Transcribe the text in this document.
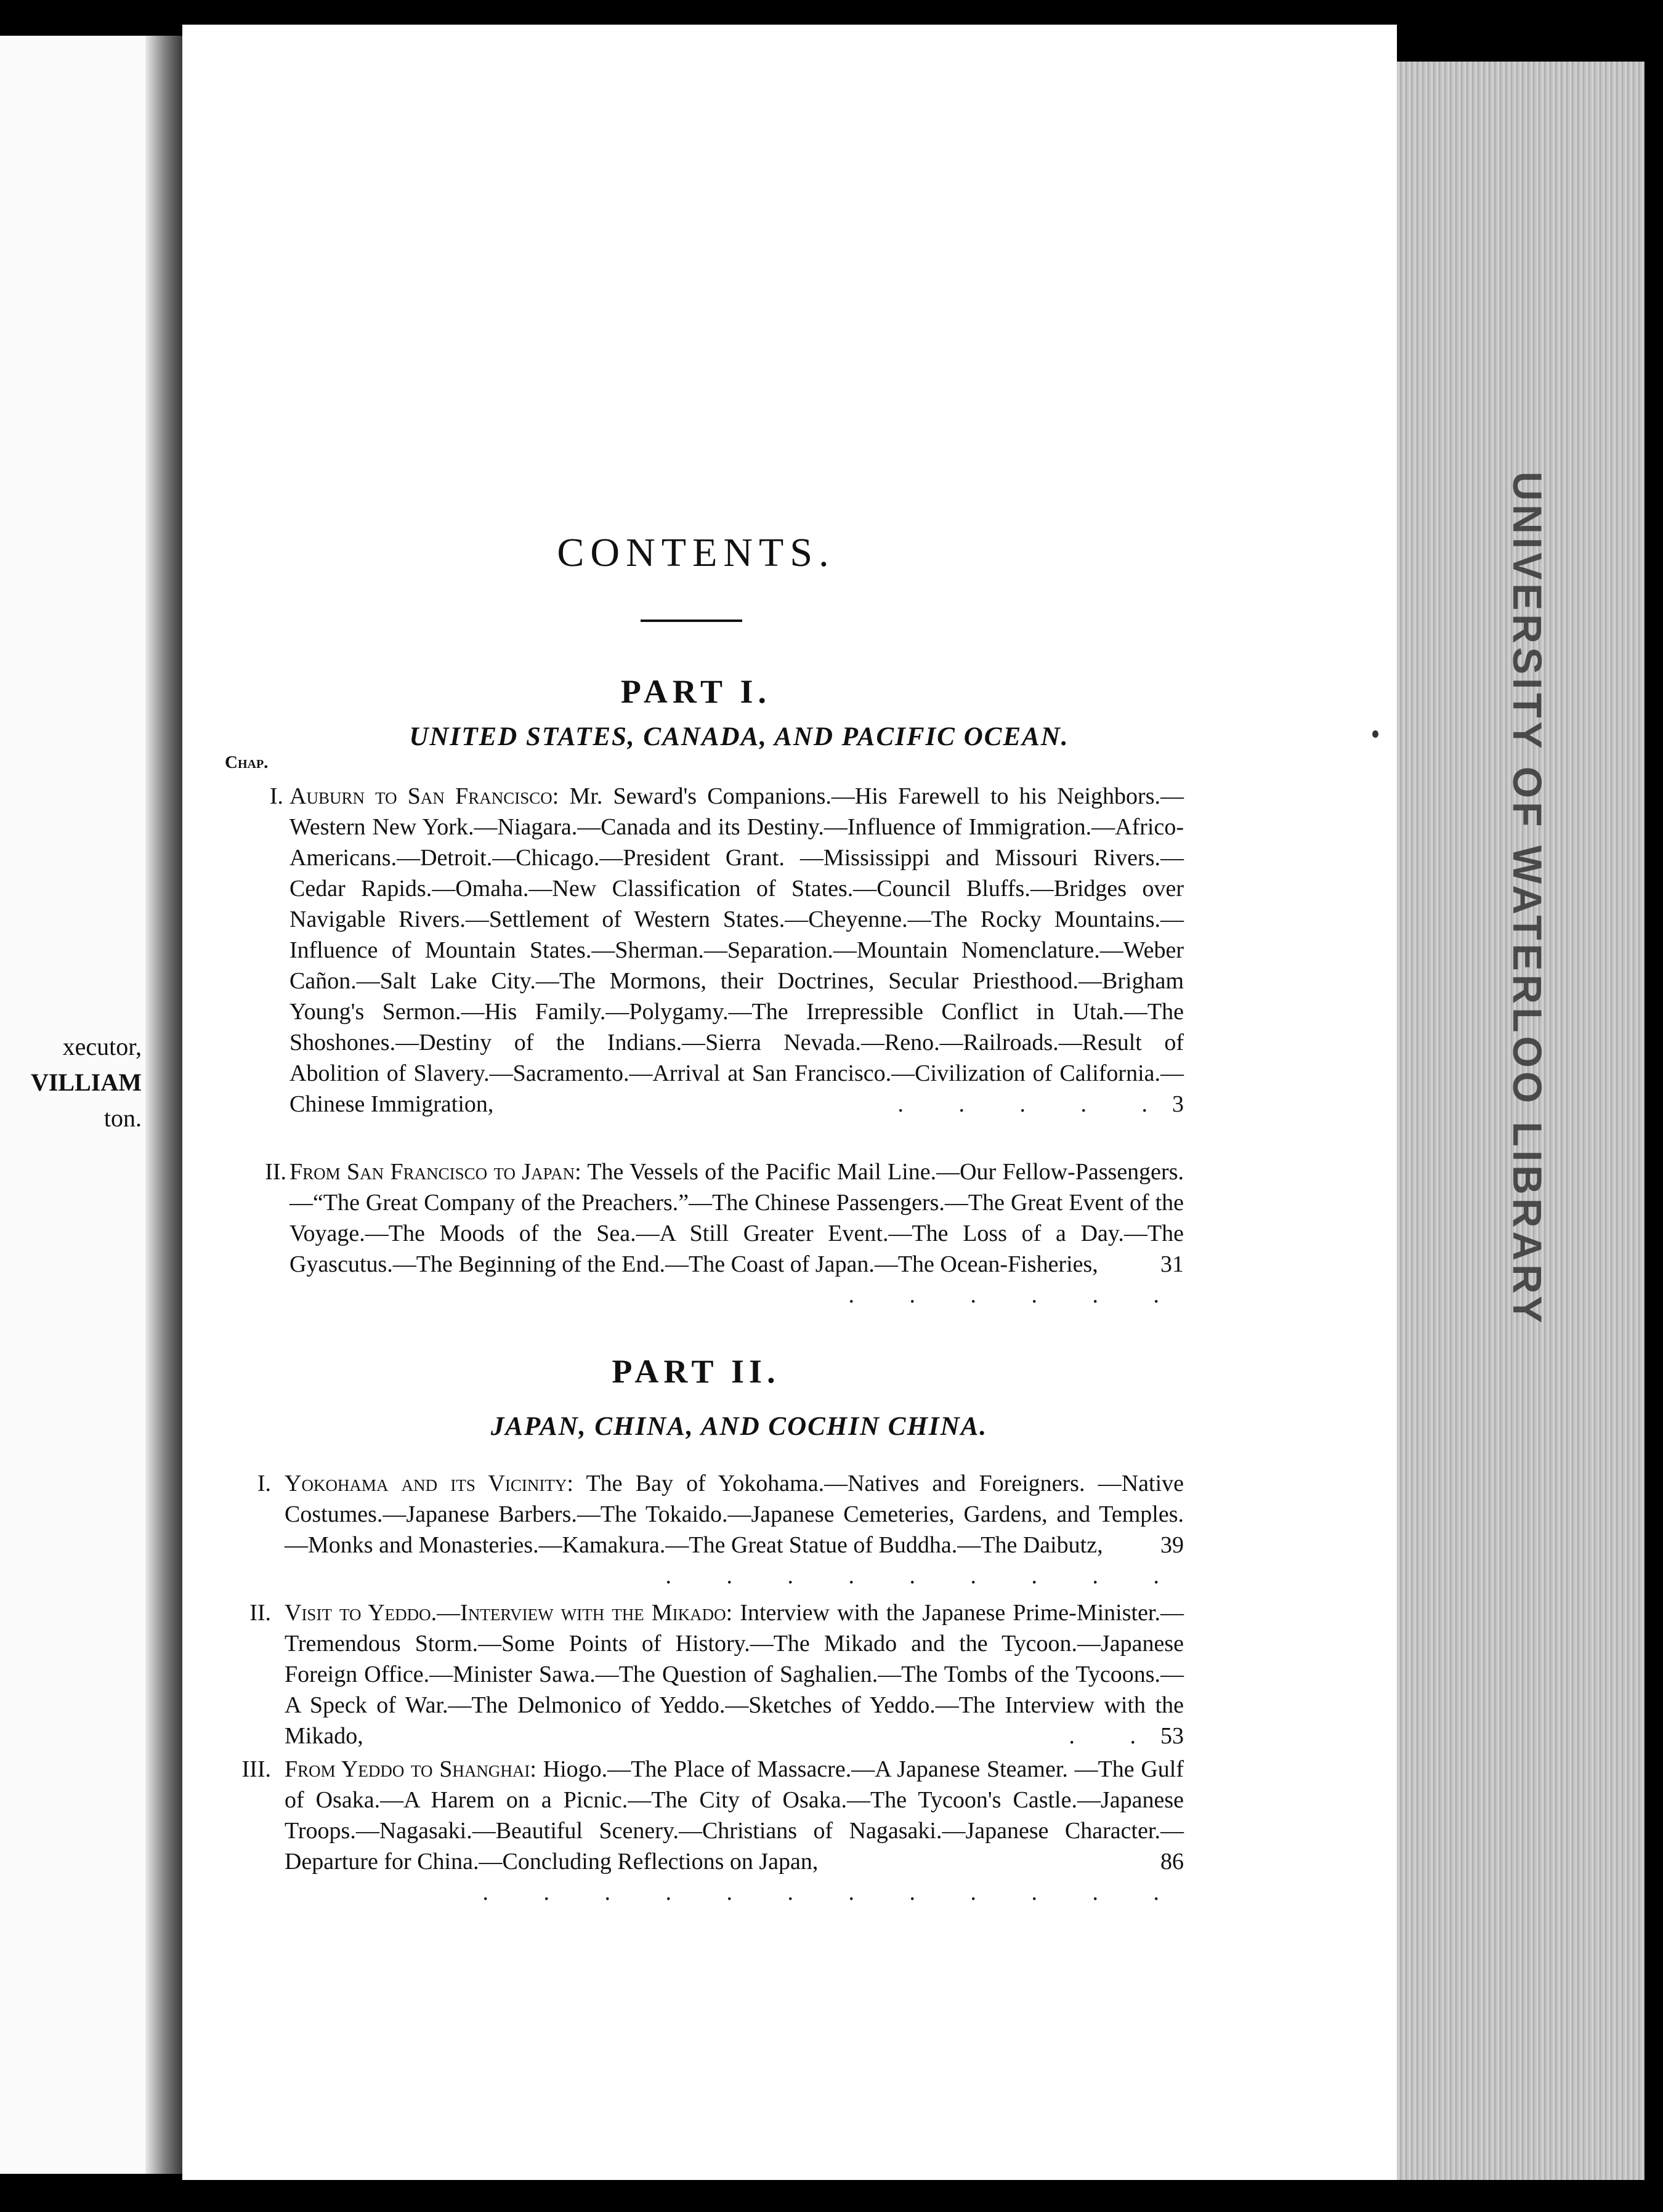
xecutor,
VILLIAM
ton.	UNIVERSITY OF WATERLOO LIBRARY
CONTENTS.
PART I.
UNITED STATES, CANADA, AND PACIFIC OCEAN.
Chap.
I. Auburn to San Francisco: Mr. Seward's Companions.—His Farewell to his Neighbors.—Western New York.—Niagara.—Canada and its Destiny.—Influence of Immigration.—Africo-Americans.—Detroit.—Chicago.—President Grant. —Mississippi and Missouri Rivers.—Cedar Rapids.—Omaha.—New Classification of States.—Council Bluffs.—Bridges over Navigable Rivers.—Settlement of Western States.—Cheyenne.—The Rocky Mountains.—Influence of Mountain States.—Sherman.—Separation.—Mountain Nomenclature.—Weber Cañon.—Salt Lake City.—The Mormons, their Doctrines, Secular Priesthood.—Brigham Young's Sermon.—His Family.—Polygamy.—The Irrepressible Conflict in Utah.—The Shoshones.—Destiny of the Indians.—Sierra Nevada.—Reno.—Railroads.—Result of Abolition of Slavery.—Sacramento.—Arrival at San Francisco.—Civilization of California.—Chinese Immigration,	3
. . . . .
II. From San Francisco to Japan: The Vessels of the Pacific Mail Line.—Our Fellow-Passengers.—“The Great Company of the Preachers.”—The Chinese Passengers.—The Great Event of the Voyage.—The Moods of the Sea.—A Still Greater Event.—The Loss of a Day.—The Gyascutus.—The Beginning of the End.—The Coast of Japan.—The Ocean-Fisheries,	31
. . . . . .
PART II.
JAPAN, CHINA, AND COCHIN CHINA.
I. Yokohama and its Vicinity: The Bay of Yokohama.—Natives and Foreigners. —Native Costumes.—Japanese Barbers.—The Tokaido.—Japanese Cemeteries, Gardens, and Temples.—Monks and Monasteries.—Kamakura.—The Great Statue of Buddha.—The Daibutz, 39
. . . . . . . . .
II. Visit to Yeddo.—Interview with the Mikado: Interview with the Japanese Prime-Minister.—Tremendous Storm.—Some Points of History.—The Mikado and the Tycoon.—Japanese Foreign Office.—Minister Sawa.—The Question of Saghalien.—The Tombs of the Tycoons.—A Speck of War.—The Delmonico of Yeddo.—Sketches of Yeddo.—The Interview with the Mikado,	53
. .
III. From Yeddo to Shanghai: Hiogo.—The Place of Massacre.—A Japanese Steamer. —The Gulf of Osaka.—A Harem on a Picnic.—The City of Osaka.—The Tycoon's Castle.—Japanese Troops.—Nagasaki.—Beautiful Scenery.—Christians of Nagasaki.—Japanese Character.—Departure for China.—Concluding Reflections on Japan,	86
. . . . . . . . . . . .
